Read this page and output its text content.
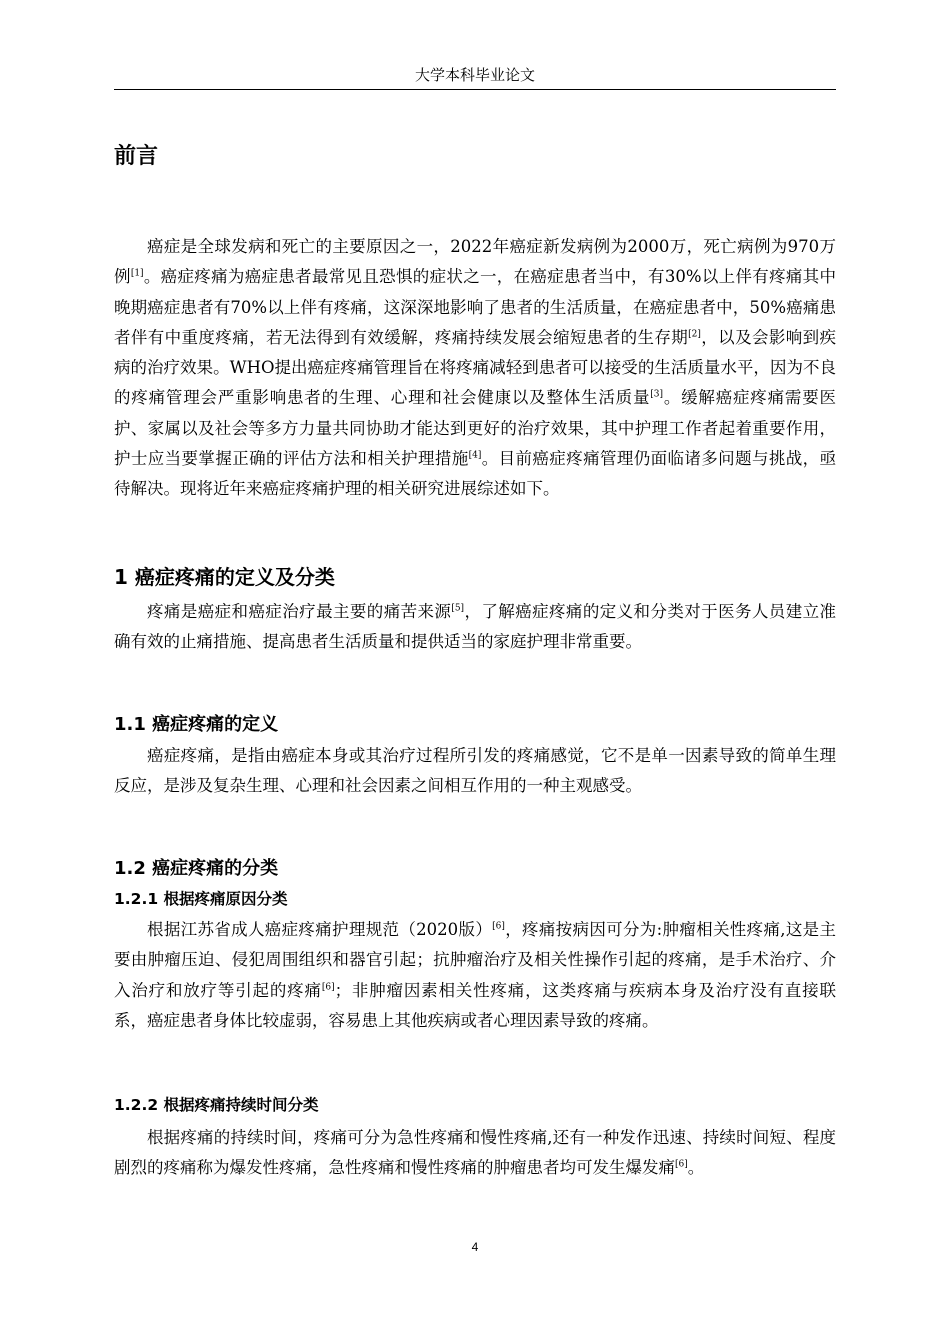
大学本科毕业论文
前言

癌症是全球发病和死亡的主要原因之一，2022年癌症新发病例为2000万，死亡病例为970万例[1]。癌症疼痛为癌症患者最常见且恐惧的症状之一，在癌症患者当中，有30%以上伴有疼痛其中晚期癌症患者有70%以上伴有疼痛，这深深地影响了患者的生活质量，在癌症患者中，50%癌痛患者伴有中重度疼痛，若无法得到有效缓解，疼痛持续发展会缩短患者的生存期[2]，以及会影响到疾病的治疗效果。WHO提出癌症疼痛管理旨在将疼痛减轻到患者可以接受的生活质量水平，因为不良的疼痛管理会严重影响患者的生理、心理和社会健康以及整体生活质量[3]。缓解癌症疼痛需要医护、家属以及社会等多方力量共同协助才能达到更好的治疗效果，其中护理工作者起着重要作用，护士应当要掌握正确的评估方法和相关护理措施[4]。目前癌症疼痛管理仍面临诸多问题与挑战，亟待解决。现将近年来癌症疼痛护理的相关研究进展综述如下。

1 癌症疼痛的定义及分类

疼痛是癌症和癌症治疗最主要的痛苦来源[5]，了解癌症疼痛的定义和分类对于医务人员建立准确有效的止痛措施、提高患者生活质量和提供适当的家庭护理非常重要。

1.1 癌症疼痛的定义

癌症疼痛，是指由癌症本身或其治疗过程所引发的疼痛感觉，它不是单一因素导致的简单生理反应，是涉及复杂生理、心理和社会因素之间相互作用的一种主观感受。

1.2 癌症疼痛的分类
1.2.1 根据疼痛原因分类

根据江苏省成人癌症疼痛护理规范（2020版）[6]，疼痛按病因可分为:肿瘤相关性疼痛,这是主要由肿瘤压迫、侵犯周围组织和器官引起；抗肿瘤治疗及相关性操作引起的疼痛，是手术治疗、介入治疗和放疗等引起的疼痛[6]；非肿瘤因素相关性疼痛，这类疼痛与疾病本身及治疗没有直接联系，癌症患者身体比较虚弱，容易患上其他疾病或者心理因素导致的疼痛。

1.2.2 根据疼痛持续时间分类

根据疼痛的持续时间，疼痛可分为急性疼痛和慢性疼痛,还有一种发作迅速、持续时间短、程度剧烈的疼痛称为爆发性疼痛，急性疼痛和慢性疼痛的肿瘤患者均可发生爆发痛[6]。

4
